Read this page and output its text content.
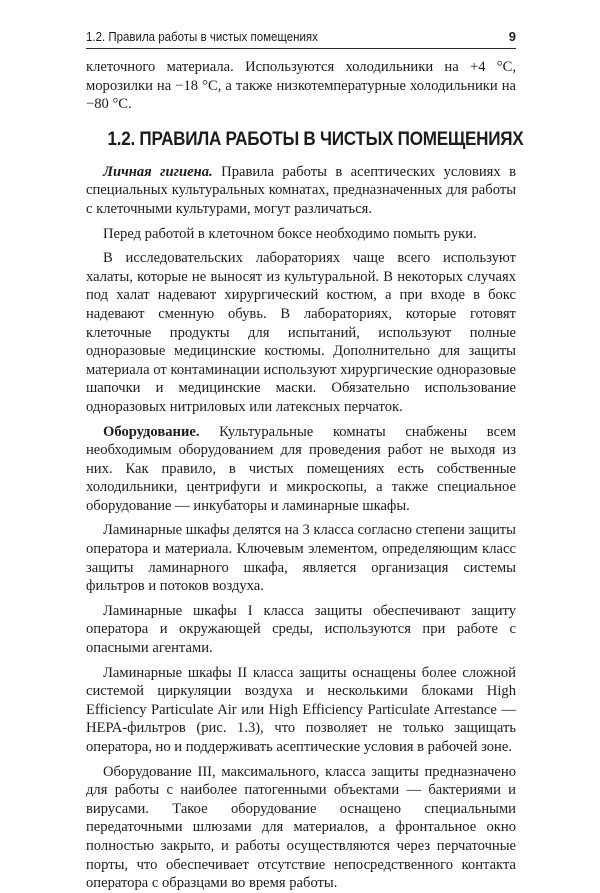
1.2. Правила работы в чистых помещениях	9

клеточного материала. Используются холодильники на +4 °С, морозилки на −18 °С, а также низкотемпературные холодильники на −80 °С.

1.2. ПРАВИЛА РАБОТЫ В ЧИСТЫХ ПОМЕЩЕНИЯХ

Личная гигиена. Правила работы в асептических условиях в специальных культуральных комнатах, предназначенных для работы с клеточными культурами, могут различаться.

Перед работой в клеточном боксе необходимо помыть руки.

В исследовательских лабораториях чаще всего используют халаты, которые не выносят из культуральной. В некоторых случаях под халат надевают хирургический костюм, а при входе в бокс надевают сменную обувь. В лабораториях, которые готовят клеточные продукты для испытаний, используют полные одноразовые медицинские костюмы. Дополнительно для защиты материала от контаминации используют хирургические одноразовые шапочки и медицинские маски. Обязательно использование одноразовых нитриловых или латексных перчаток.

Оборудование. Культуральные комнаты снабжены всем необходимым оборудованием для проведения работ не выходя из них. Как правило, в чистых помещениях есть собственные холодильники, центрифуги и микроскопы, а также специальное оборудование — инкубаторы и ламинарные шкафы.

Ламинарные шкафы делятся на 3 класса согласно степени защиты оператора и материала. Ключевым элементом, определяющим класс защиты ламинарного шкафа, является организация системы фильтров и потоков воздуха.

Ламинарные шкафы I класса защиты обеспечивают защиту оператора и окружающей среды, используются при работе с опасными агентами.

Ламинарные шкафы II класса защиты оснащены более сложной системой циркуляции воздуха и несколькими блоками High Efficiency Particulate Air или High Efficiency Particulate Arrestance — НЕРА-фильтров (рис. 1.3), что позволяет не только защищать оператора, но и поддерживать асептические условия в рабочей зоне.

Оборудование III, максимального, класса защиты предназначено для работы с наиболее патогенными объектами — бактериями и вирусами. Такое оборудование оснащено специальными передаточными шлюзами для материалов, а фронтальное окно полностью закрыто, и работы осуществляются через перчаточные порты, что обеспечивает отсутствие непосредственного контакта оператора с образцами во время работы.
